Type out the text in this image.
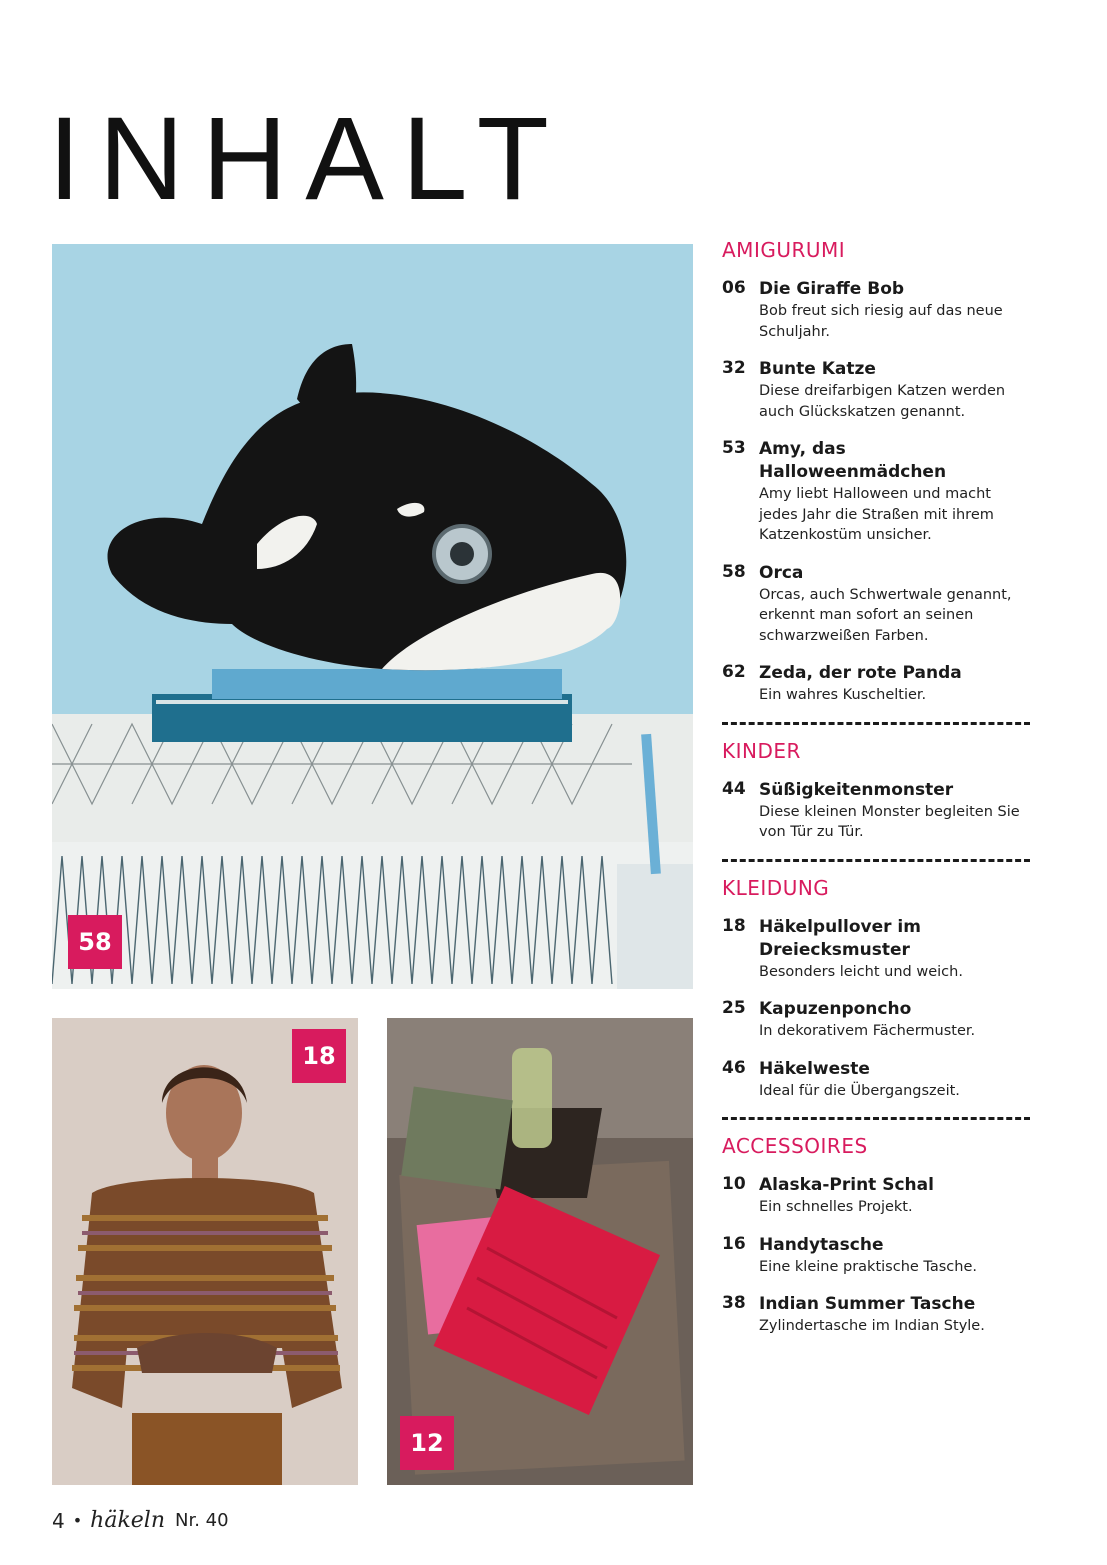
INHALT
58
18
12
AMIGURUMI
06 Die Giraffe Bob
Bob freut sich riesig auf das neue Schuljahr.
32 Bunte Katze
Diese dreifarbigen Katzen werden auch Glückskatzen genannt.
53 Amy, das Halloweenmädchen
Amy liebt Halloween und macht jedes Jahr die Straßen mit ihrem Katzenkostüm unsicher.
58 Orca
Orcas, auch Schwertwale genannt, erkennt man sofort an seinen schwarzweißen Farben.
62 Zeda, der rote Panda
Ein wahres Kuscheltier.
KINDER
44 Süßigkeitenmonster
Diese kleinen Monster begleiten Sie von Tür zu Tür.
KLEIDUNG
18 Häkelpullover im Dreiecksmuster
Besonders leicht und weich.
25 Kapuzenponcho
In dekorativem Fächermuster.
46 Häkelweste
Ideal für die Übergangszeit.
ACCESSOIRES
10 Alaska-Print Schal
Ein schnelles Projekt.
16 Handytasche
Eine kleine praktische Tasche.
38 Indian Summer Tasche
Zylindertasche im Indian Style.
4 • häkeln Nr. 40
